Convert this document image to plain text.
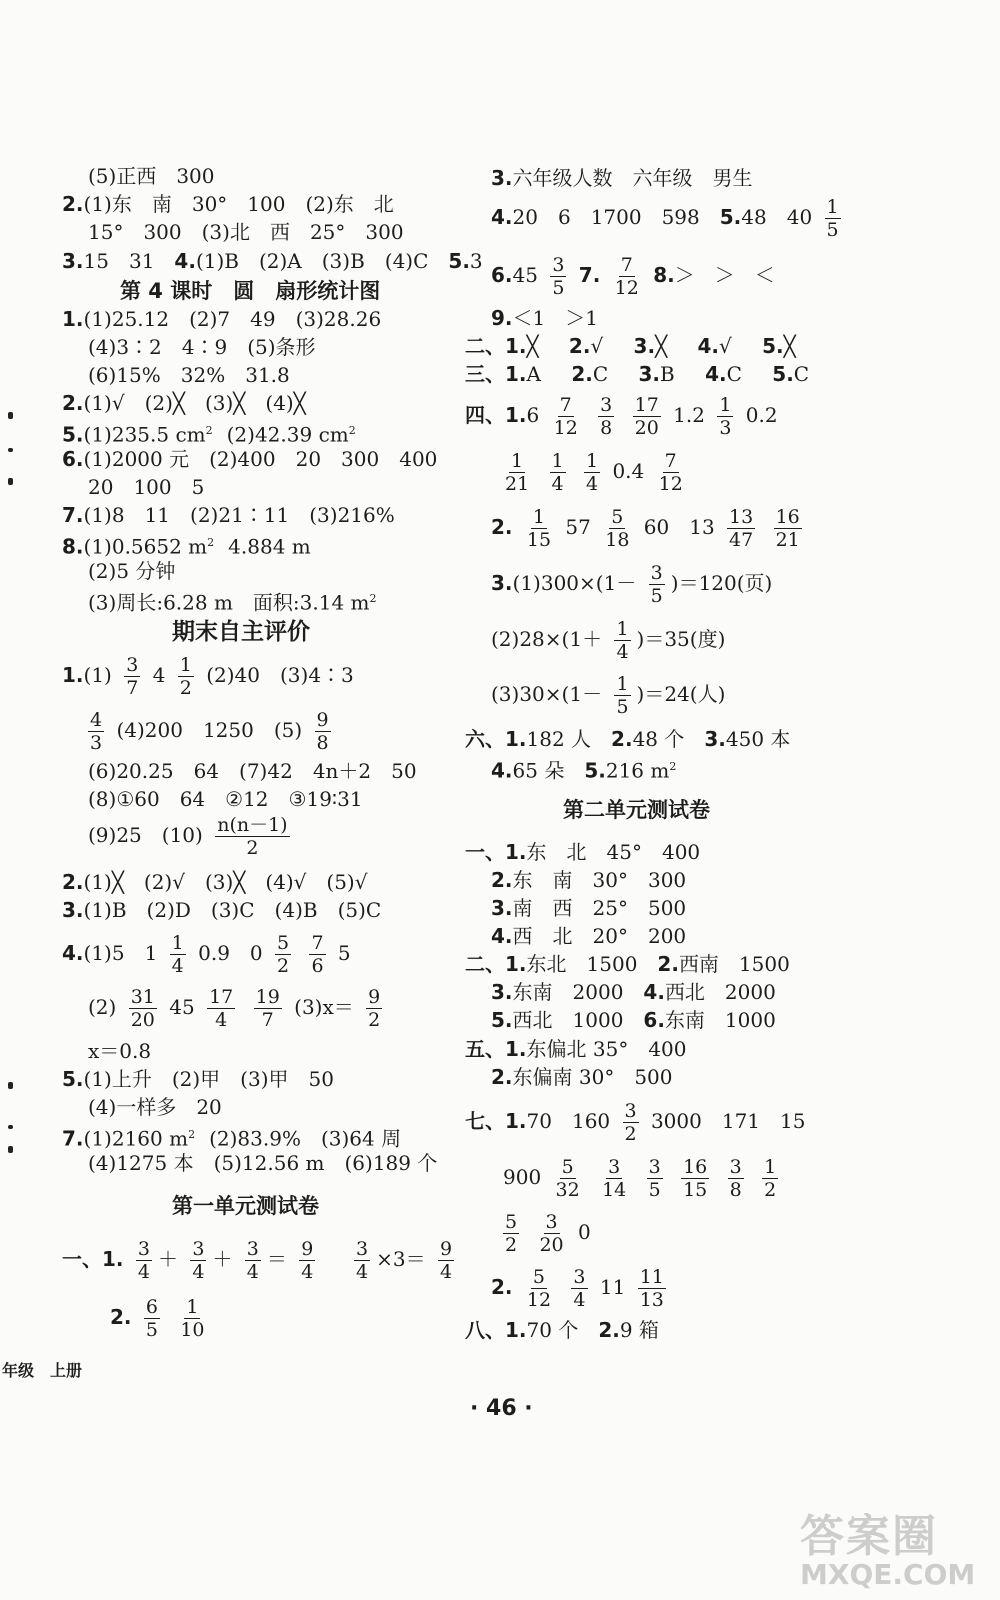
(5)正西　300
2.(1)东　南　30°　100　(2)东　北
15°　300　(3)北　西　25°　300
3.15　31　4.(1)B　(2)A　(3)B　(4)C　5.3
第 4 课时　圆　扇形统计图
1.(1)25.12　(2)7　49　(3)28.26
(4)3∶2　4∶9　(5)条形
(6)15%　32%　31.8
2.(1)√　(2)╳　(3)╳　(4)╳
5.(1)235.5 $cm^2$ (2)42.39 $cm^2$
6.(1)2000 元　(2)400　20　300　400
20　100　5
7.(1)8　11　(2)21∶11　(3)216%
8.(1)0.5652 $m^2$ 4.884 m
(2)5 分钟
(3)周长:6.28 m　面积:3.14 $m^2$
期末自主评价
$1.(1) \frac{3}{7} 4 \frac{1}{2} (2)40$　(3)4∶3
$\frac{4}{3} (4)200$　1250　$(5) \frac{9}{8}$
(6)20.25　64　(7)42　4n＋2　50
(8)①60　64　②12　③19∶31
(9)25　$(10) \frac{n(n-1)}{2}$
2.(1)╳　(2)√　(3)╳　(4)√　(5)√
3.(1)B　(2)D　(3)C　(4)B　(5)C
4.(1)5　$1 \frac{1}{4} 0.9$　$0 \frac{5}{2}$
$\frac{7}{6} 5$
$(2) \frac{31}{20} 45 \frac{17}{4}$
$\frac{19}{7} (3)x= \frac{9}{2}$
x＝0.8
5.(1)上升　(2)甲　(3)甲　50
(4)一样多　20
7.(1)2160 $m^2$ (2)83.9%　(3)64 周
(4)1275 本　(5)12.56 m　(6)189 个
第一单元测试卷
一、1. $\frac{3}{4} + \frac{3}{4} + \frac{3}{4} = \frac{9}{4}$
$\frac{3}{4} \times 3= \frac{9}{4}$
2. $\frac{6}{5}$
$\frac{1}{10}$
3.六年级人数　六年级　男生
4.20　6　1700　598　5.48　$40 \frac{1}{5}$
$6.45 \frac{3}{5} 7$. $\frac{7}{12} 8.>$　＞　＜
9.＜1　＞1
二、1.╳ 2.√ 3.╳ 4.√ 5.╳
三、1.A 2.C 3.B 4.C 5.C
四、$1.6 \frac{7}{12}$
$\frac{3}{8}$
$\frac{17}{20} 1.2 \frac{1}{3} 0.2$
$\frac{1}{21}$
$\frac{1}{4}$
$\frac{1}{4} 0.4 \frac{7}{12}$
2. $\frac{1}{15} 57 \frac{5}{18} 60$　$13 \frac{13}{47}$
$\frac{16}{21}$
$3.(1)300\times(1- \frac{3}{5} )=120$(页)
$(2)28\times(1+ \frac{1}{4} )=35$(度)
$(3)30\times(1- \frac{1}{5} )=24$(人)
六、1.182 人　2.48 个　3.450 本
4.65 朵　5.216 $m^2$
第二单元测试卷
一、1.东　北　45°　400
2.东　南　30°　300
3.南　西　25°　500
4.西　北　20°　200
二、1.东北　1500　2.西南　1500
3.东南　2000　4.西北　2000
5.西北　1000　6.东南　1000
五、1.东偏北 35°　400
2.东偏南 30°　500
七、1.70　$160 \frac{3}{2} 3000$　171　15
$900 \frac{5}{32}$
$\frac{3}{14}$
$\frac{3}{5}$
$\frac{16}{15}$
$\frac{3}{8}$
$\frac{1}{2}$
$\frac{5}{2}$
$\frac{3}{20} 0$
2. $\frac{5}{12}$
$\frac{3}{4} 11 \frac{11}{13}$
八、1.70 个　2.9 箱
年级　上册
· 46 ·
答案圈
MXQE.COM
